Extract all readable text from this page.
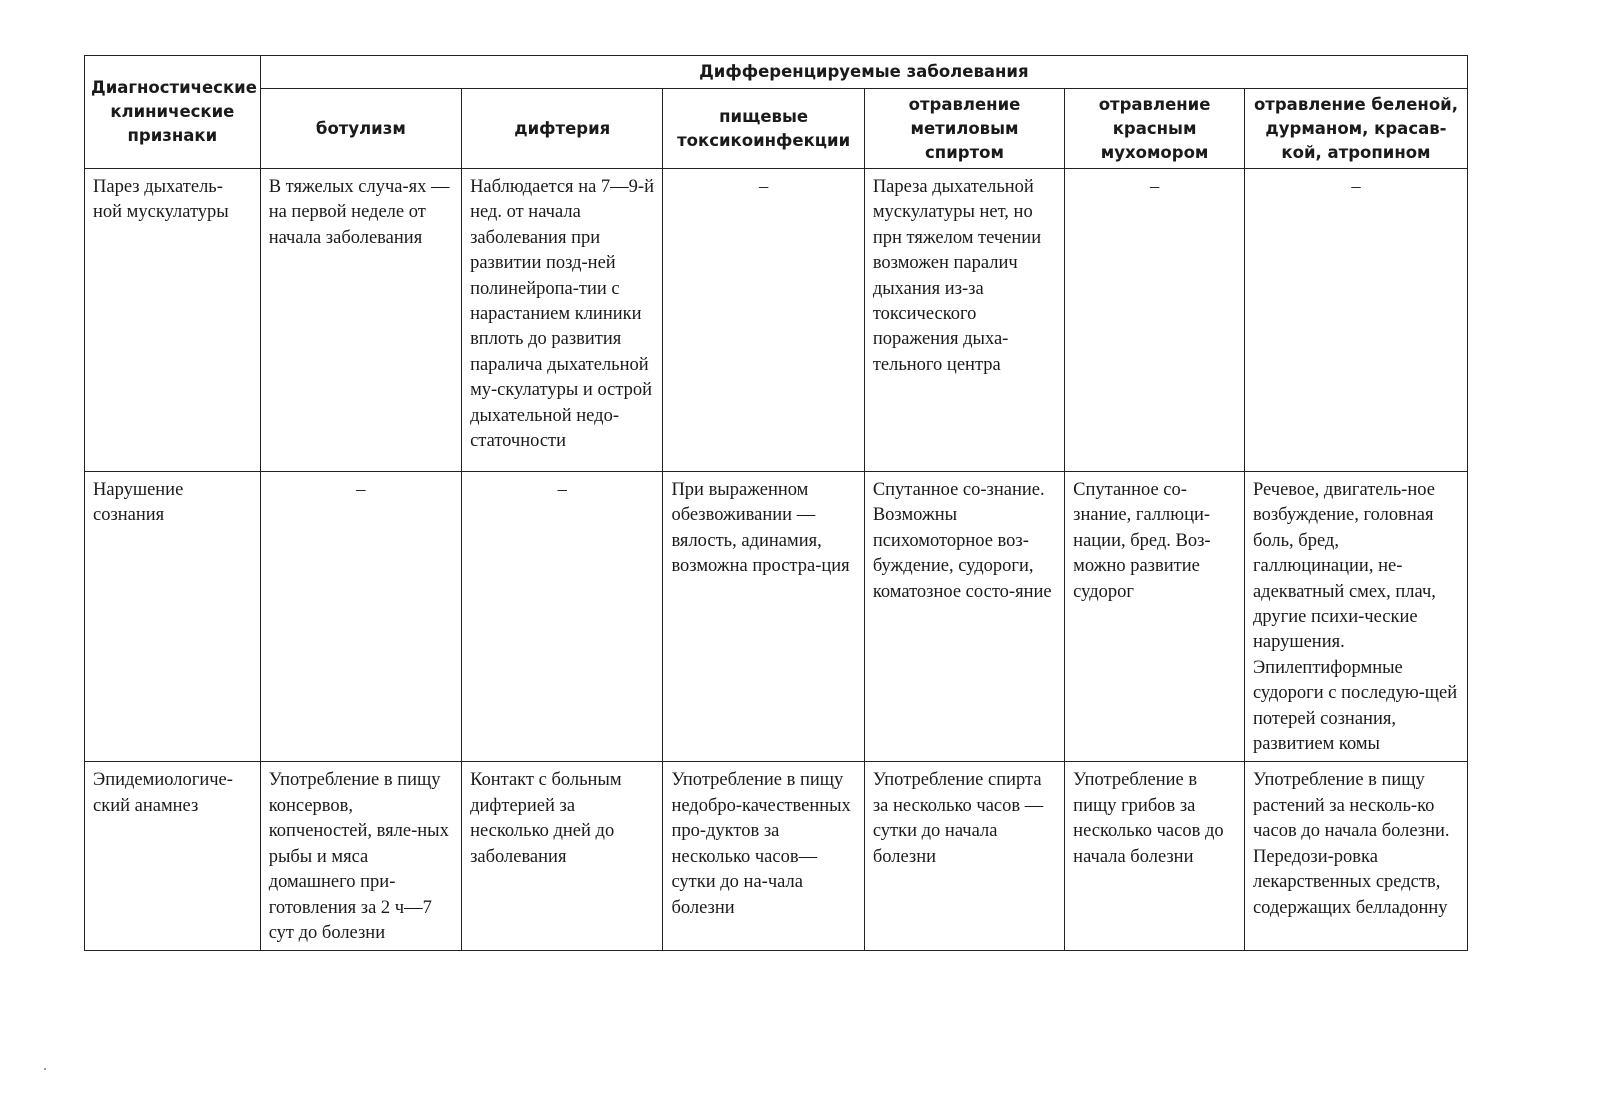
Диагностические клинические признаки	Дифференцируемые заболевания					
	ботулизм	дифтерия	пищевые токсикоинфекции	отравление метиловым спиртом	отравление красным мухомором	отравление беленой, дурманом, красав-кой, атропином
Парез дыхатель-ной мускулатуры	В тяжелых случа-ях — на первой неделе от начала заболевания	Наблюдается на 7—9-й нед. от начала заболевания при развитии позд-ней полинейропа-тии с нарастанием клиники вплоть до развития паралича дыхательной му-скулатуры и острой дыхательной недо-статочности	–	Пареза дыхательной мускулатуры нет, но прн тяжелом течении возможен паралич дыхания из-за токсического поражения дыха-тельного центра	–	–
Нарушение сознания	–	–	При выраженном обезвоживании — вялость, адинамия, возможна простра-ция	Спутанное со-знание. Возможны психомоторное воз-буждение, судороги, коматозное состо-яние	Спутанное со-знание, галлюци-нации, бред. Воз-можно развитие судорог	Речевое, двигатель-ное возбуждение, головная боль, бред, галлюцинации, не-адекватный смех, плач, другие психи-ческие нарушения. Эпилептиформные судороги с последую-щей потерей сознания, развитием комы
Эпидемиологиче-ский анамнез	Употребление в пищу консервов, копченостей, вяле-ных рыбы и мяса домашнего при-готовления за 2 ч—7 сут до болезни	Контакт с больным дифтерией за несколько дней до заболевания	Употребление в пищу недобро-качественных про-дуктов за несколько часов—сутки до на-чала болезни	Употребление спирта за несколько часов — сутки до начала болезни	Употребление в пищу грибов за несколько часов до начала болезни	Употребление в пищу растений за несколь-ко часов до начала болезни. Передози-ровка лекарственных средств, содержащих белладонну
